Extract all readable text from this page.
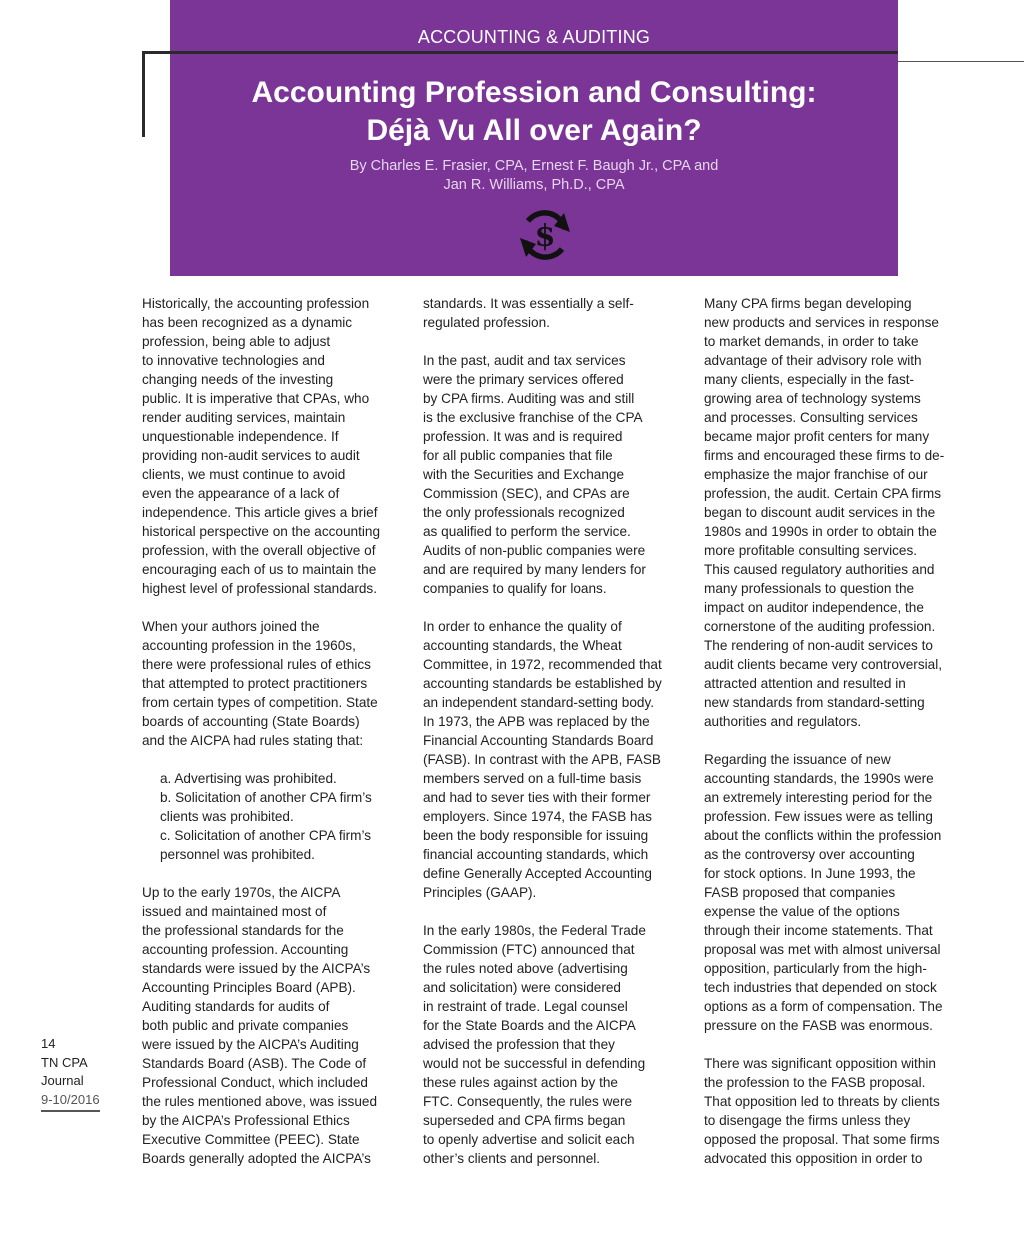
ACCOUNTING & AUDITING
Accounting Profession and Consulting:
Déjà Vu All over Again?
By Charles E. Frasier, CPA, Ernest F. Baugh Jr., CPA and
Jan R. Williams, Ph.D., CPA
$

Historically, the accounting profession
has been recognized as a dynamic
profession, being able to adjust
to innovative technologies and
changing needs of the investing
public. It is imperative that CPAs, who
render auditing services, maintain
unquestionable independence. If
providing non-audit services to audit
clients, we must continue to avoid
even the appearance of a lack of
independence. This article gives a brief
historical perspective on the accounting
profession, with the overall objective of
encouraging each of us to maintain the
highest level of professional standards.

When your authors joined the
accounting profession in the 1960s,
there were professional rules of ethics
that attempted to protect practitioners
from certain types of competition. State
boards of accounting (State Boards)
and the AICPA had rules stating that:

a. Advertising was prohibited.
b. Solicitation of another CPA firm’s
clients was prohibited.
c. Solicitation of another CPA firm’s
personnel was prohibited.

Up to the early 1970s, the AICPA
issued and maintained most of
the professional standards for the
accounting profession. Accounting
standards were issued by the AICPA’s
Accounting Principles Board (APB).
Auditing standards for audits of
both public and private companies
were issued by the AICPA’s Auditing
Standards Board (ASB). The Code of
Professional Conduct, which included
the rules mentioned above, was issued
by the AICPA’s Professional Ethics
Executive Committee (PEEC). State
Boards generally adopted the AICPA’s

standards. It was essentially a self-
regulated profession.

In the past, audit and tax services
were the primary services offered
by CPA firms. Auditing was and still
is the exclusive franchise of the CPA
profession. It was and is required
for all public companies that file
with the Securities and Exchange
Commission (SEC), and CPAs are
the only professionals recognized
as qualified to perform the service.
Audits of non-public companies were
and are required by many lenders for
companies to qualify for loans.

In order to enhance the quality of
accounting standards, the Wheat
Committee, in 1972, recommended that
accounting standards be established by
an independent standard-setting body.
In 1973, the APB was replaced by the
Financial Accounting Standards Board
(FASB). In contrast with the APB, FASB
members served on a full-time basis
and had to sever ties with their former
employers. Since 1974, the FASB has
been the body responsible for issuing
financial accounting standards, which
define Generally Accepted Accounting
Principles (GAAP).

In the early 1980s, the Federal Trade
Commission (FTC) announced that
the rules noted above (advertising
and solicitation) were considered
in restraint of trade. Legal counsel
for the State Boards and the AICPA
advised the profession that they
would not be successful in defending
these rules against action by the
FTC. Consequently, the rules were
superseded and CPA firms began
to openly advertise and solicit each
other’s clients and personnel.

Many CPA firms began developing
new products and services in response
to market demands, in order to take
advantage of their advisory role with
many clients, especially in the fast-
growing area of technology systems
and processes. Consulting services
became major profit centers for many
firms and encouraged these firms to de-
emphasize the major franchise of our
profession, the audit. Certain CPA firms
began to discount audit services in the
1980s and 1990s in order to obtain the
more profitable consulting services.
This caused regulatory authorities and
many professionals to question the
impact on auditor independence, the
cornerstone of the auditing profession.
The rendering of non-audit services to
audit clients became very controversial,
attracted attention and resulted in
new standards from standard-setting
authorities and regulators.

Regarding the issuance of new
accounting standards, the 1990s were
an extremely interesting period for the
profession. Few issues were as telling
about the conflicts within the profession
as the controversy over accounting
for stock options. In June 1993, the
FASB proposed that companies
expense the value of the options
through their income statements. That
proposal was met with almost universal
opposition, particularly from the high-
tech industries that depended on stock
options as a form of compensation. The
pressure on the FASB was enormous.

There was significant opposition within
the profession to the FASB proposal.
That opposition led to threats by clients
to disengage the firms unless they
opposed the proposal. That some firms
advocated this opposition in order to

14
TN CPA
Journal
9-10/2016
